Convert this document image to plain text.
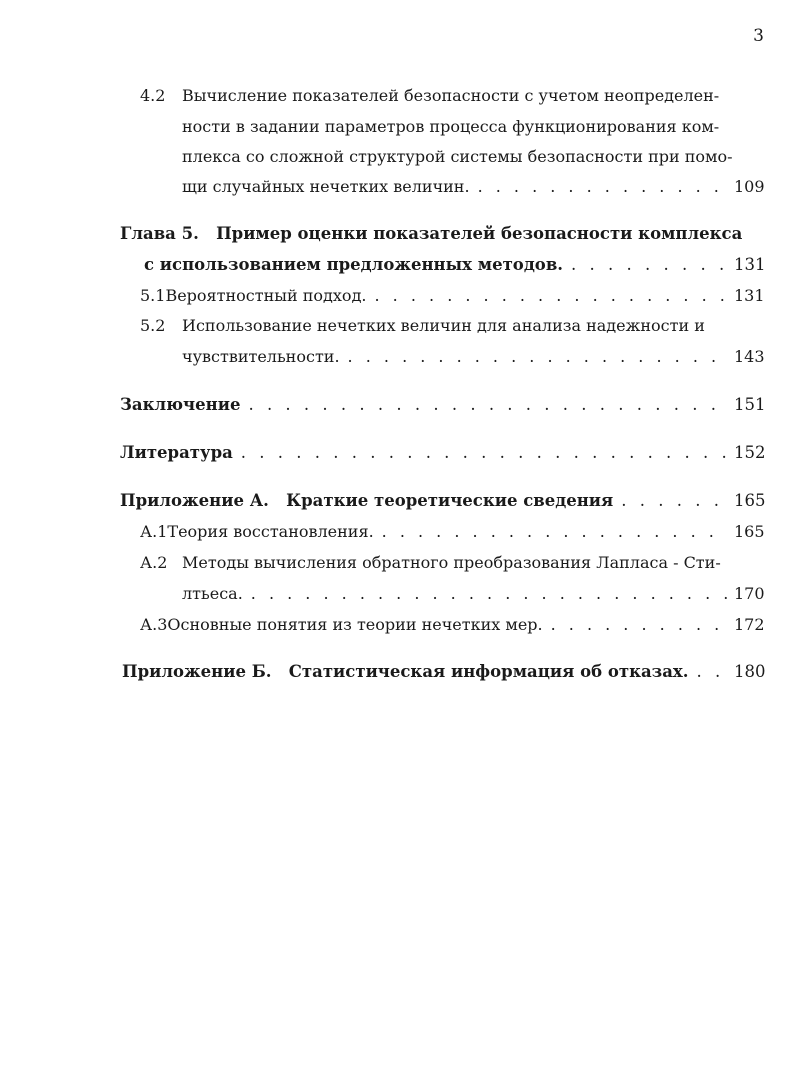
3
4.2	Вычисление показателей безопасности с учетом неопределен-
ности в задании параметров процесса функционирования ком-
плекса со сложной структурой системы безопасности при помо-
щи случайных нечетких величин. . . .	109
Глава 5.   Пример оценки показателей безопасности комплекса
с использованием предложенных методов. . . .	131
5.1 Вероятностный подход. . . .	131
5.2	Использование нечетких величин для анализа надежности и
чувствительности. . . .	143
Заключение . . .	151
Литература . . .	152
Приложение А.   Краткие теоретические сведения . . .	165
А.1 Теория восстановления. . . .	165
А.2 Методы вычисления обратного преобразования Лапласа - Сти-
лтьеса. . . .	170
А.3 Основные понятия из теории нечетких мер. . . .	172
Приложение Б.   Статистическая информация об отказах. . . .	180
